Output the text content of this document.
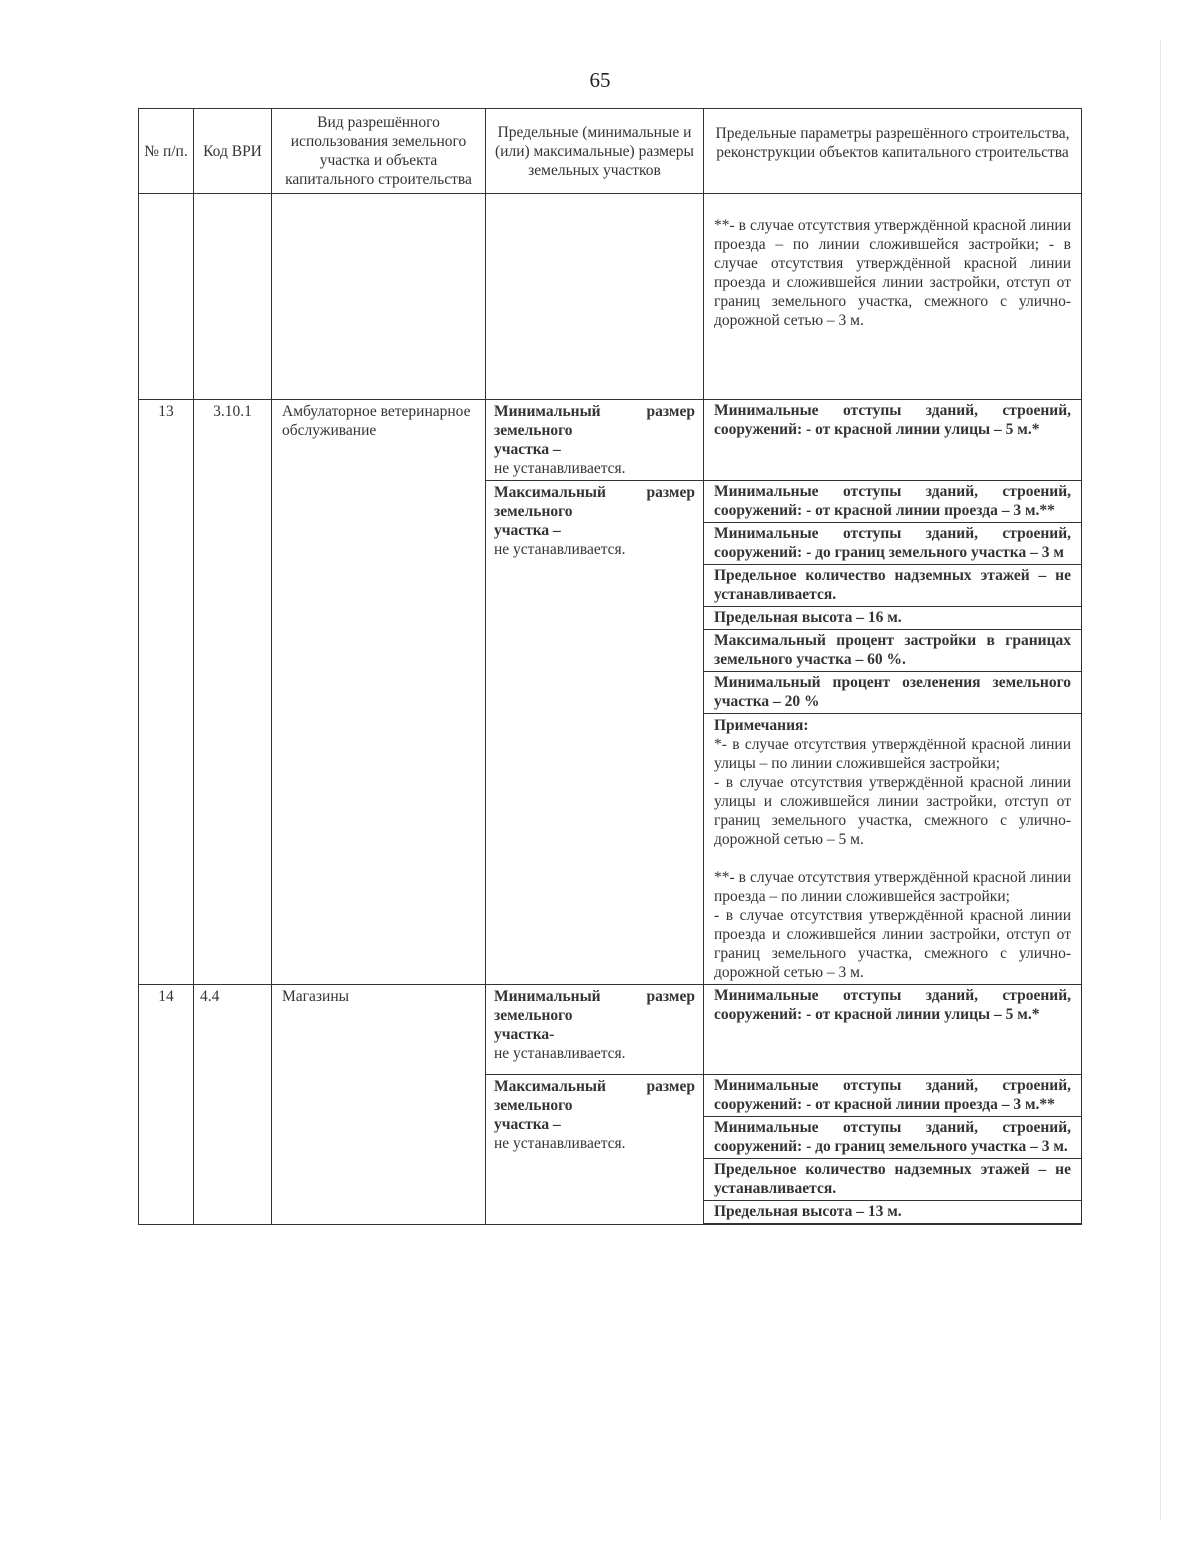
65
№ п/п.	Код ВРИ	Вид разрешённого использования земельного участка и объекта капитального строительства	Предельные (минимальные и (или) максимальные) размеры земельных участков	Предельные параметры разрешённого строительства, реконструкции объектов капитального строительства

				**- в случае отсутствия утверждённой красной линии проезда – по линии сложившейся застройки; - в случае отсутствия утверждённой красной линии проезда и сложившейся линии застройки, отступ от границ земельного участка, смежного с улично-дорожной сетью – 3 м.

13	3.10.1	Амбулаторное ветеринарное обслуживание	Минимальный размер земельного
участка –
не устанавливается.	Минимальные отступы зданий, строений, сооружений: - от красной линии улицы – 5 м.*

			Максимальный размер земельного
участка –
не устанавливается.	Минимальные отступы зданий, строений, сооружений: - от красной линии проезда – 3 м.**

				Минимальные отступы зданий, строений, сооружений: - до границ земельного участка – 3 м

				Предельное количество надземных этажей – не устанавливается.

				Предельная высота – 16 м.

				Максимальный процент застройки в границах земельного участка – 60 %.

				Минимальный процент озеленения земельного участка – 20 %

				Примечания:
*- в случае отсутствия утверждённой красной линии улицы – по линии сложившейся застройки;
- в случае отсутствия утверждённой красной линии улицы и сложившейся линии застройки, отступ от границ земельного участка, смежного с улично-дорожной сетью – 5 м.
**- в случае отсутствия утверждённой красной линии проезда – по линии сложившейся застройки;
- в случае отсутствия утверждённой красной линии проезда и сложившейся линии застройки, отступ от границ земельного участка, смежного с улично-дорожной сетью – 3 м.

14	4.4	Магазины	Минимальный размер земельного
участка-
не устанавливается.	Минимальные отступы зданий, строений, сооружений: - от красной линии улицы – 5 м.*

			Максимальный размер земельного
участка –
не устанавливается.	Минимальные отступы зданий, строений, сооружений: - от красной линии проезда – 3 м.**

				Минимальные отступы зданий, строений, сооружений: - до границ земельного участка – 3 м.

				Предельное количество надземных этажей – не устанавливается.

				Предельная высота – 13 м.
